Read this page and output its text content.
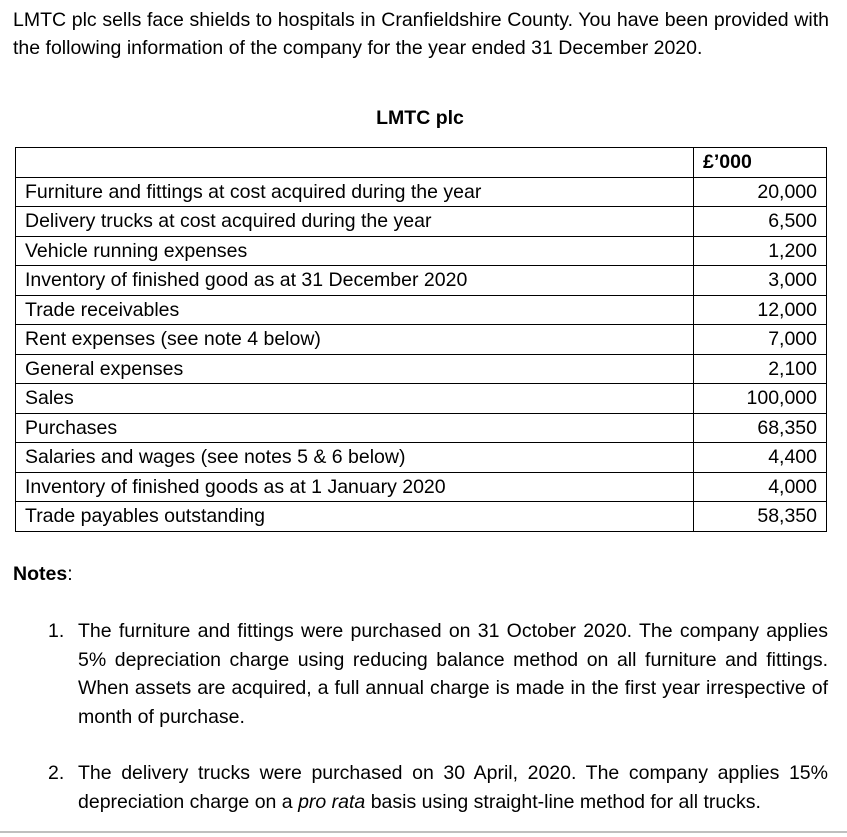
LMTC plc sells face shields to hospitals in Cranfieldshire County. You have been provided with the following information of the company for the year ended 31 December 2020.

LMTC plc
	£’000
Furniture and fittings at cost acquired during the year	20,000
Delivery trucks at cost acquired during the year	6,500
Vehicle running expenses	1,200
Inventory of finished good as at 31 December 2020	3,000
Trade receivables	12,000
Rent expenses (see note 4 below)	7,000
General expenses	2,100
Sales	100,000
Purchases	68,350
Salaries and wages (see notes 5 & 6 below)	4,400
Inventory of finished goods as at 1 January 2020	4,000
Trade payables outstanding	58,350
Notes:
1. The furniture and fittings were purchased on 31 October 2020. The company applies 5% depreciation charge using reducing balance method on all furniture and fittings. When assets are acquired, a full annual charge is made in the first year irrespective of month of purchase.
2. The delivery trucks were purchased on 30 April, 2020. The company applies 15% depreciation charge on a pro rata basis using straight-line method for all trucks.
